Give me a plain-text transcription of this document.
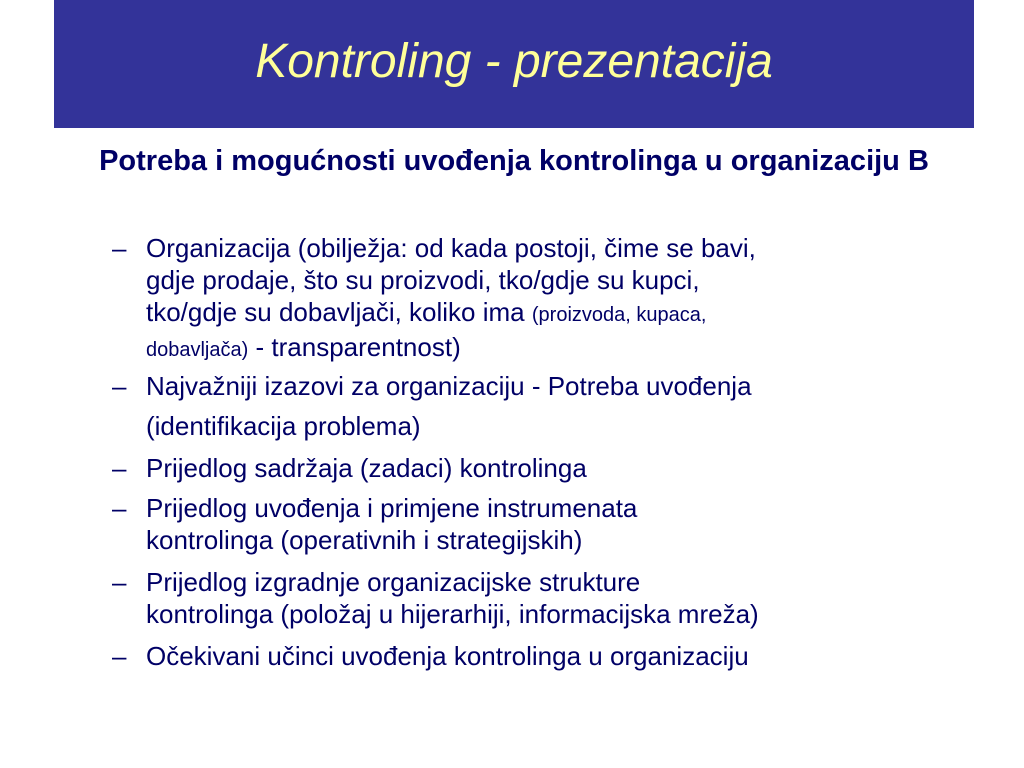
Kontroling - prezentacija
Potreba i mogućnosti uvođenja kontrolinga u organizaciju B
– Organizacija (obilježja: od kada postoji, čime se bavi,
gdje prodaje, što su proizvodi, tko/gdje su kupci,
tko/gdje su dobavljači, koliko ima (proizvoda, kupaca,
dobavljača) - transparentnost)
– Najvažniji izazovi za organizaciju - Potreba uvođenja
(identifikacija problema)
– Prijedlog sadržaja (zadaci) kontrolinga
– Prijedlog uvođenja i primjene instrumenata
kontrolinga (operativnih i strategijskih)
– Prijedlog izgradnje organizacijske strukture
kontrolinga (položaj u hijerarhiji, informacijska mreža)
– Očekivani učinci uvođenja kontrolinga u organizaciju
